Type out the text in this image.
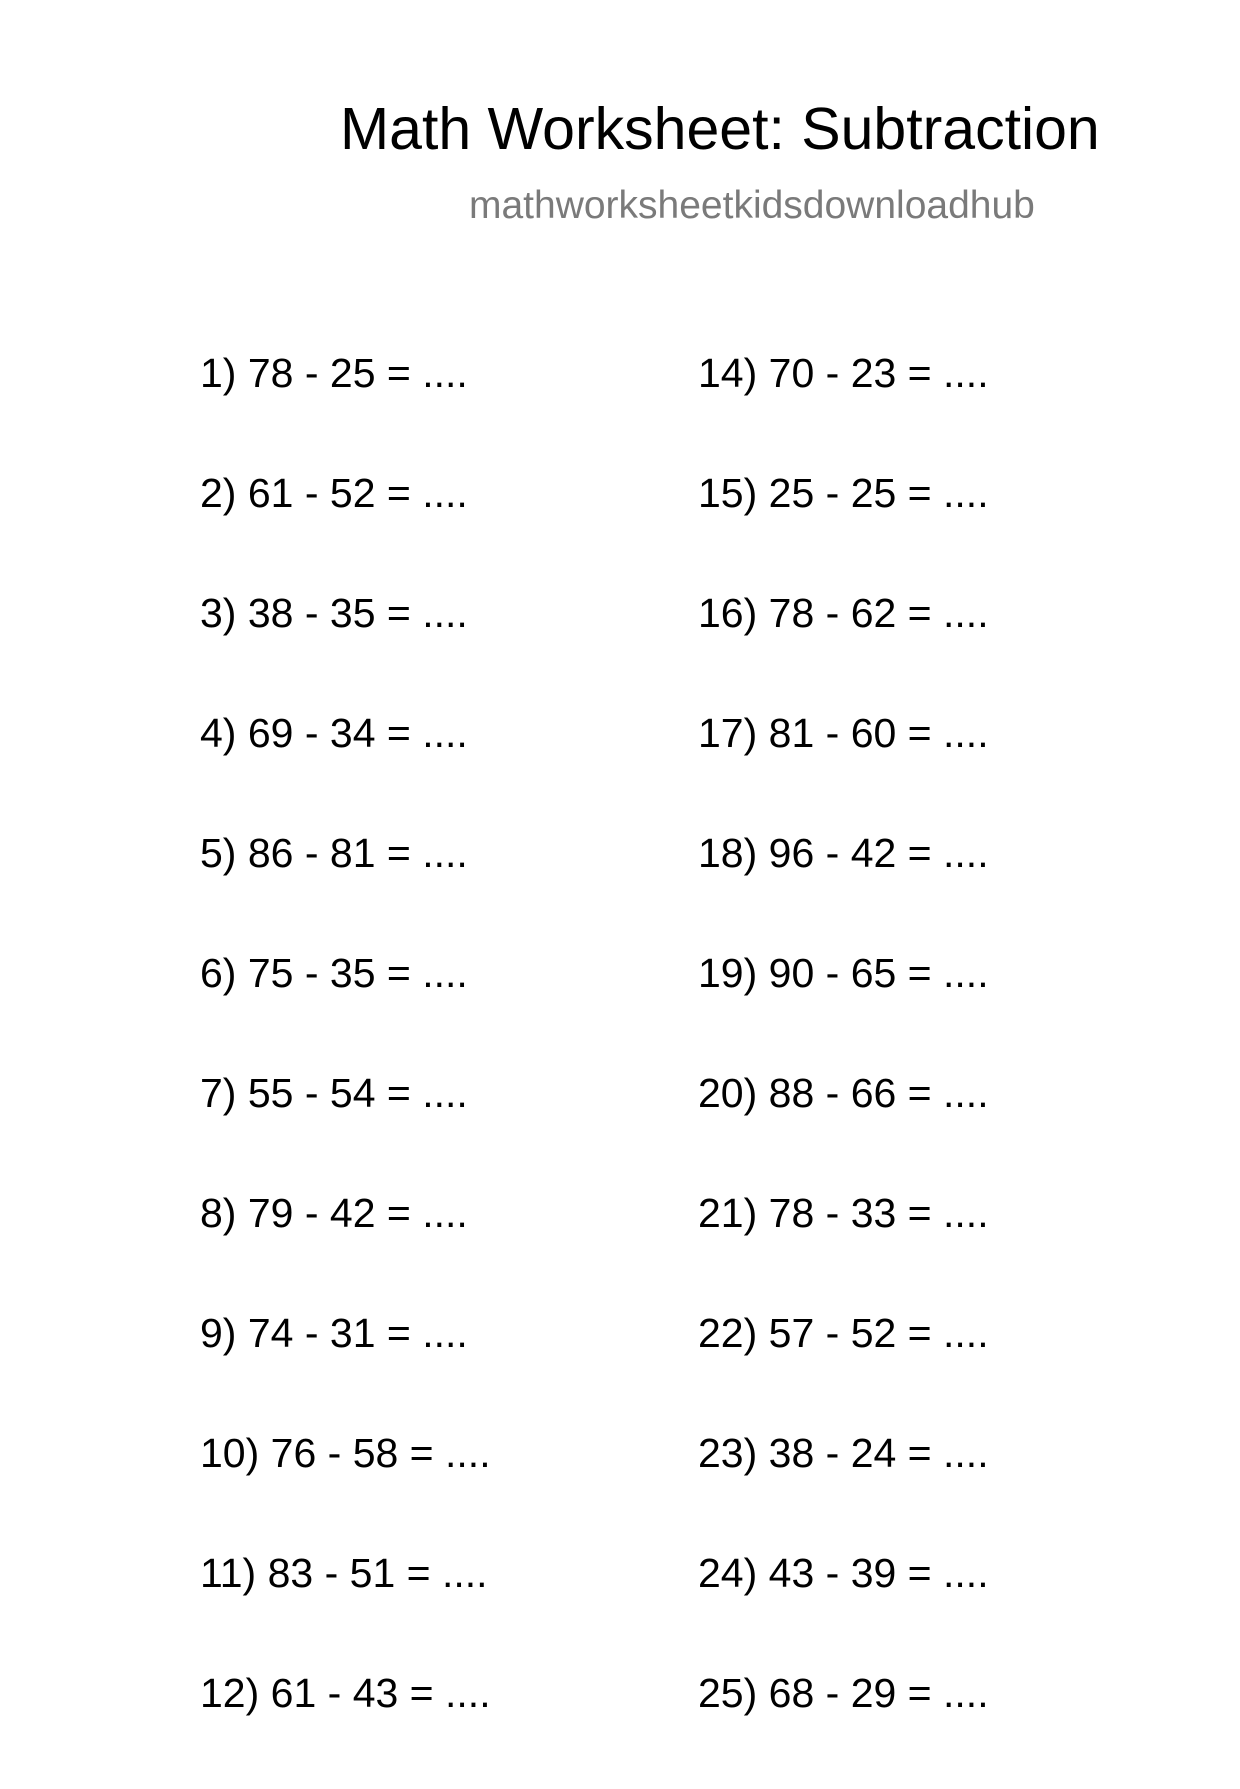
Math Worksheet: Subtraction
mathworksheetkidsdownloadhub
1) 78 - 25 = ....
2) 61 - 52 = ....
3) 38 - 35 = ....
4) 69 - 34 = ....
5) 86 - 81 = ....
6) 75 - 35 = ....
7) 55 - 54 = ....
8) 79 - 42 = ....
9) 74 - 31 = ....
10) 76 - 58 = ....
11) 83 - 51 = ....
12) 61 - 43 = ....
14) 70 - 23 = ....
15) 25 - 25 = ....
16) 78 - 62 = ....
17) 81 - 60 = ....
18) 96 - 42 = ....
19) 90 - 65 = ....
20) 88 - 66 = ....
21) 78 - 33 = ....
22) 57 - 52 = ....
23) 38 - 24 = ....
24) 43 - 39 = ....
25) 68 - 29 = ....
